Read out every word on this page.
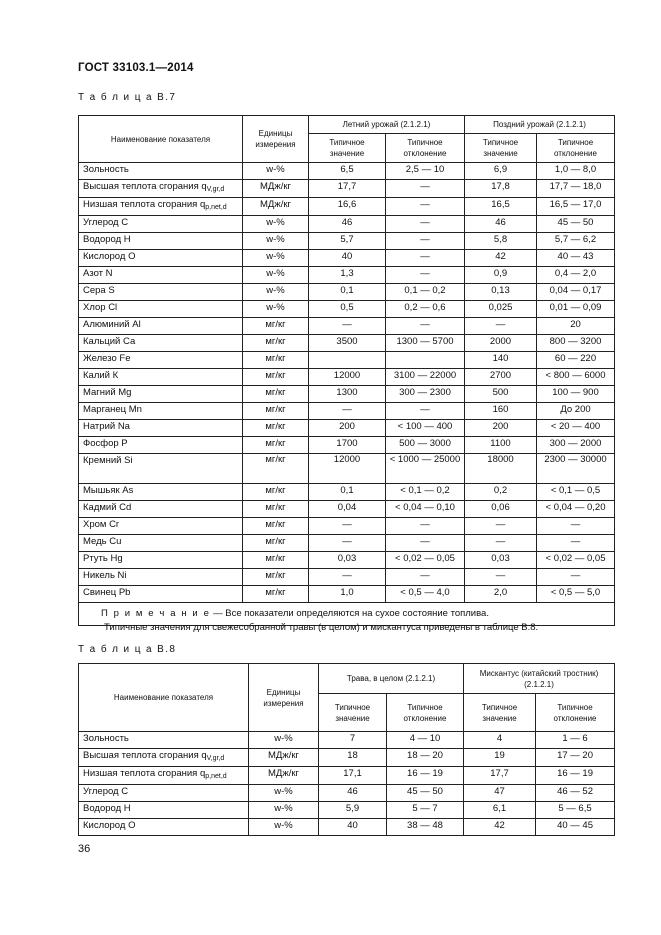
ГОСТ 33103.1—2014
Т а б л и ц а В.7
Наименование показателя	Единицы измерения	Летний урожай (2.1.2.1)		Поздний урожай (2.1.2.1)	
		Типичное значение	Типичное отклонение	Типичное значение	Типичное отклонение
Зольность	w-%	6,5	2,5 — 10	6,9	1,0 — 8,0
Высшая теплота сгорания $q_{V,gr,d}$	МДж/кг	17,7	—	17,8	17,7 — 18,0
Низшая теплота сгорания $q_{p,net,d}$	МДж/кг	16,6	—	16,5	16,5 — 17,0
Углерод С	w-%	46	—	46	45 — 50
Водород Н	w-%	5,7	—	5,8	5,7 — 6,2
Кислород О	w-%	40	—	42	40 — 43
Азот N	w-%	1,3	—	0,9	0,4 — 2,0
Сера S	w-%	0,1	0,1 — 0,2	0,13	0,04 — 0,17
Хлор Cl	w-%	0,5	0,2 — 0,6	0,025	0,01 — 0,09
Алюминий Al	мг/кг	—	—	—	20
Кальций Са	мг/кг	3500	1300 — 5700	2000	800 — 3200
Железо Fe	мг/кг			140	60 — 220
Калий К	мг/кг	12000	3100 — 22000	2700	< 800 — 6000
Магний Mg	мг/кг	1300	300 — 2300	500	100 — 900
Марганец Mn	мг/кг	—	—	160	До 200
Натрий Na	мг/кг	200	< 100 — 400	200	< 20 — 400
Фосфор Р	мг/кг	1700	500 — 3000	1100	300 — 2000
Кремний Si	мг/кг	12000	< 1000 — 25000	18000	2300 — 30000
Мышьяк As	мг/кг	0,1	< 0,1 — 0,2	0,2	< 0,1 — 0,5
Кадмий Cd	мг/кг	0,04	< 0,04 — 0,10	0,06	< 0,04 — 0,20
Хром Cr	мг/кг	—	—	—	—
Медь Cu	мг/кг	—	—	—	—
Ртуть Hg	мг/кг	0,03	< 0,02 — 0,05	0,03	< 0,02 — 0,05
Никель Ni	мг/кг	—	—	—	—
Свинец Pb	мг/кг	1,0	< 0,5 — 4,0	2,0	< 0,5 — 5,0
П р и м е ч а н и е — Все показатели определяются на сухое состояние топлива.					
Типичные значения для свежесобранной травы (в целом) и мискантуса приведены в таблице В.8.
Т а б л и ц а В.8
Наименование показателя	Единицы измерения	Трава, в целом (2.1.2.1)		Мискантус (китайский тростник) (2.1.2.1)	
		Типичное значение	Типичное отклонение	Типичное значение	Типичное отклонение
Зольность	w-%	7	4 — 10	4	1 — 6
Высшая теплота сгорания $q_{V,gr,d}$	МДж/кг	18	18 — 20	19	17 — 20
Низшая теплота сгорания $q_{p,net,d}$	МДж/кг	17,1	16 — 19	17,7	16 — 19
Углерод С	w-%	46	45 — 50	47	46 — 52
Водород Н	w-%	5,9	5 — 7	6,1	5 — 6,5
Кислород О	w-%	40	38 — 48	42	40 — 45
36
